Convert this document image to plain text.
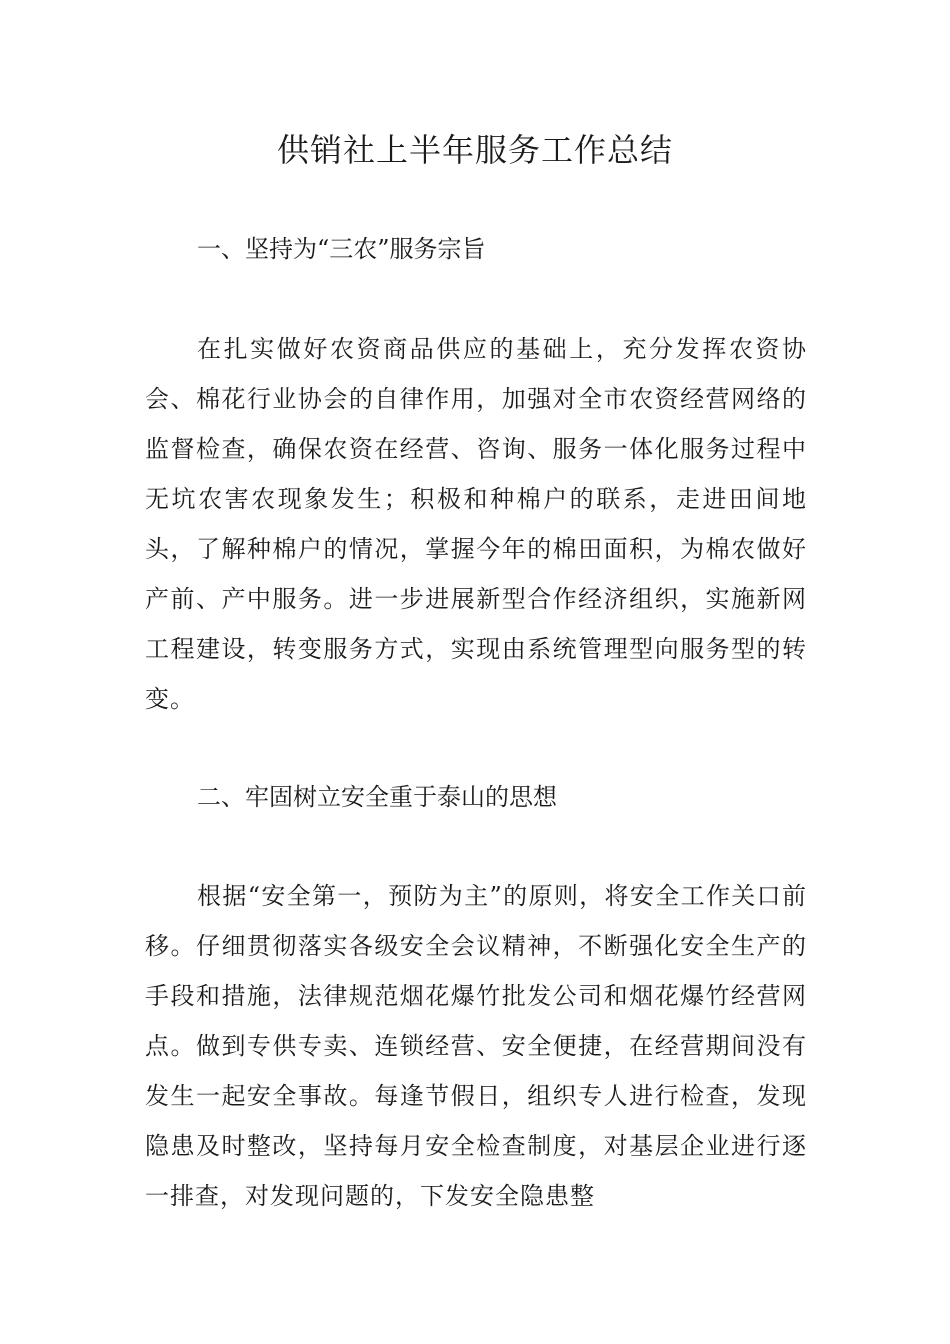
供销社上半年服务工作总结
一、坚持为“三农”服务宗旨

在扎实做好农资商品供应的基础上，充分发挥农资协会、棉花行业协会的自律作用，加强对全市农资经营网络的监督检查，确保农资在经营、咨询、服务一体化服务过程中无坑农害农现象发生；积极和种棉户的联系，走进田间地头，了解种棉户的情况，掌握今年的棉田面积，为棉农做好产前、产中服务。进一步进展新型合作经济组织，实施新网工程建设，转变服务方式，实现由系统管理型向服务型的转变。

二、牢固树立安全重于泰山的思想

根据“安全第一，预防为主”的原则，将安全工作关口前移。仔细贯彻落实各级安全会议精神，不断强化安全生产的手段和措施，法律规范烟花爆竹批发公司和烟花爆竹经营网点。做到专供专卖、连锁经营、安全便捷，在经营期间没有发生一起安全事故。每逢节假日，组织专人进行检查，发现隐患及时整改，坚持每月安全检查制度，对基层企业进行逐一排查，对发现问题的，下发安全隐患整
